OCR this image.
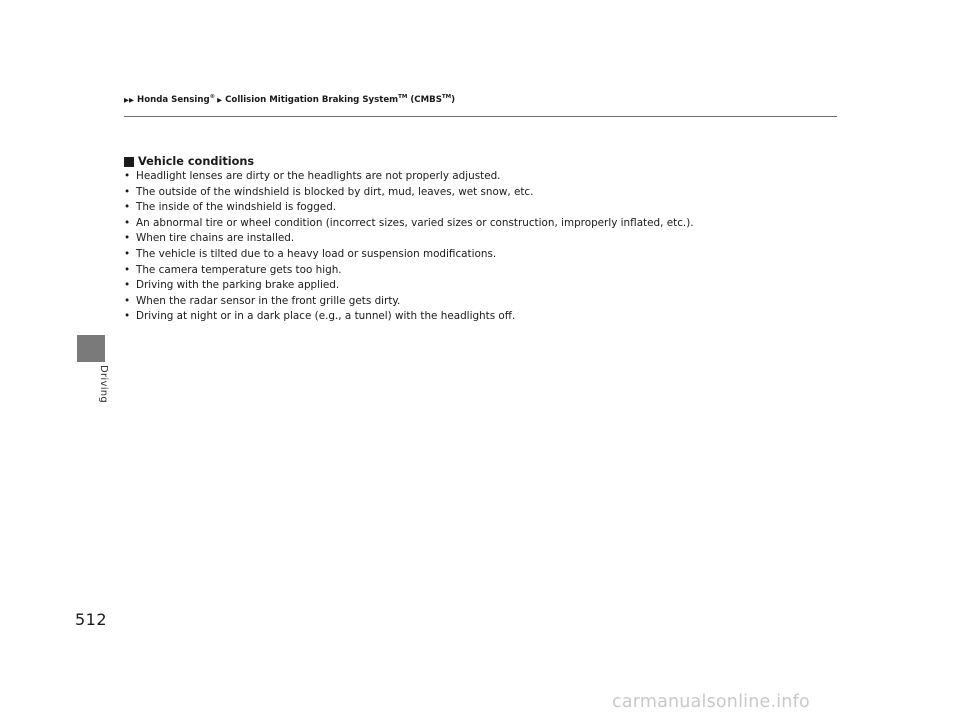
Driving
▶▶ Honda Sensing® ▶ Collision Mitigation Braking System™ (CMBS™)
Vehicle conditions
• Headlight lenses are dirty or the headlights are not properly adjusted.
• The outside of the windshield is blocked by dirt, mud, leaves, wet snow, etc.
• The inside of the windshield is fogged.
• An abnormal tire or wheel condition (incorrect sizes, varied sizes or construction, improperly inflated, etc.).
• When tire chains are installed.
• The vehicle is tilted due to a heavy load or suspension modifications.
• The camera temperature gets too high.
• Driving with the parking brake applied.
• When the radar sensor in the front grille gets dirty.
• Driving at night or in a dark place (e.g., a tunnel) with the headlights off.
512
carmanualsonline.info
